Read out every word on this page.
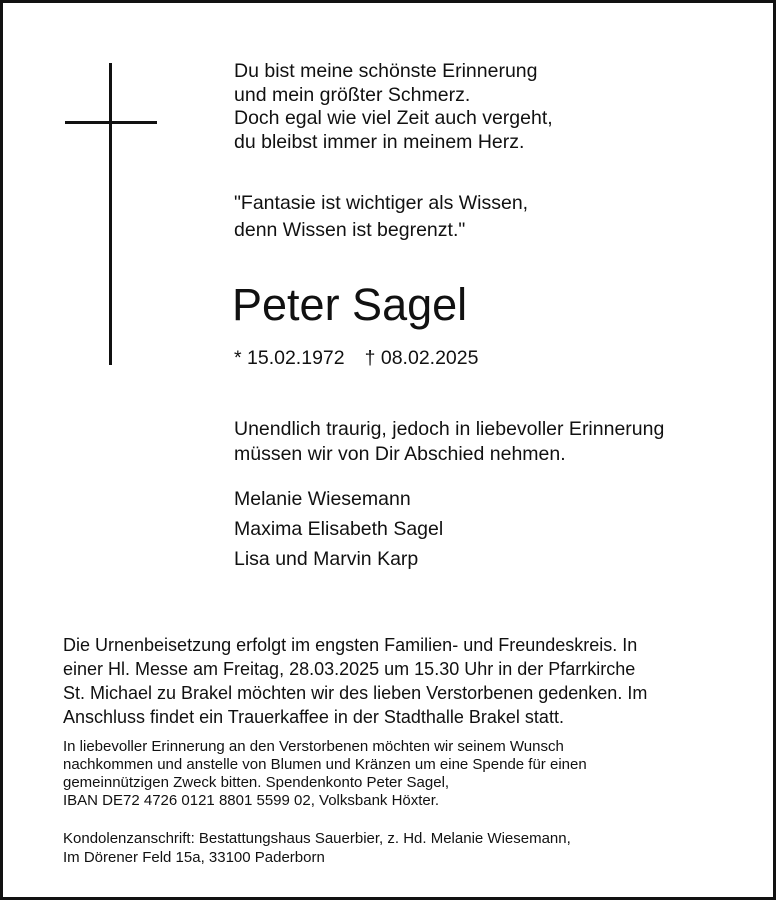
Du bist meine schönste Erinnerung
und mein größter Schmerz.
Doch egal wie viel Zeit auch vergeht,
du bleibst immer in meinem Herz.
"Fantasie ist wichtiger als Wissen,
denn Wissen ist begrenzt."
Peter Sagel
* 15.02.1972 † 08.02.2025
Unendlich traurig, jedoch in liebevoller Erinnerung
müssen wir von Dir Abschied nehmen.
Melanie Wiesemann
Maxima Elisabeth Sagel
Lisa und Marvin Karp
Die Urnenbeisetzung erfolgt im engsten Familien- und Freundeskreis. In
einer Hl. Messe am Freitag, 28.03.2025 um 15.30 Uhr in der Pfarrkirche
St. Michael zu Brakel möchten wir des lieben Verstorbenen gedenken. Im
Anschluss findet ein Trauerkaffee in der Stadthalle Brakel statt.
In liebevoller Erinnerung an den Verstorbenen möchten wir seinem Wunsch
nachkommen und anstelle von Blumen und Kränzen um eine Spende für einen
gemeinnützigen Zweck bitten. Spendenkonto Peter Sagel,
IBAN DE72 4726 0121 8801 5599 02, Volksbank Höxter.
Kondolenzanschrift: Bestattungshaus Sauerbier, z. Hd. Melanie Wiesemann,
Im Dörener Feld 15a, 33100 Paderborn
